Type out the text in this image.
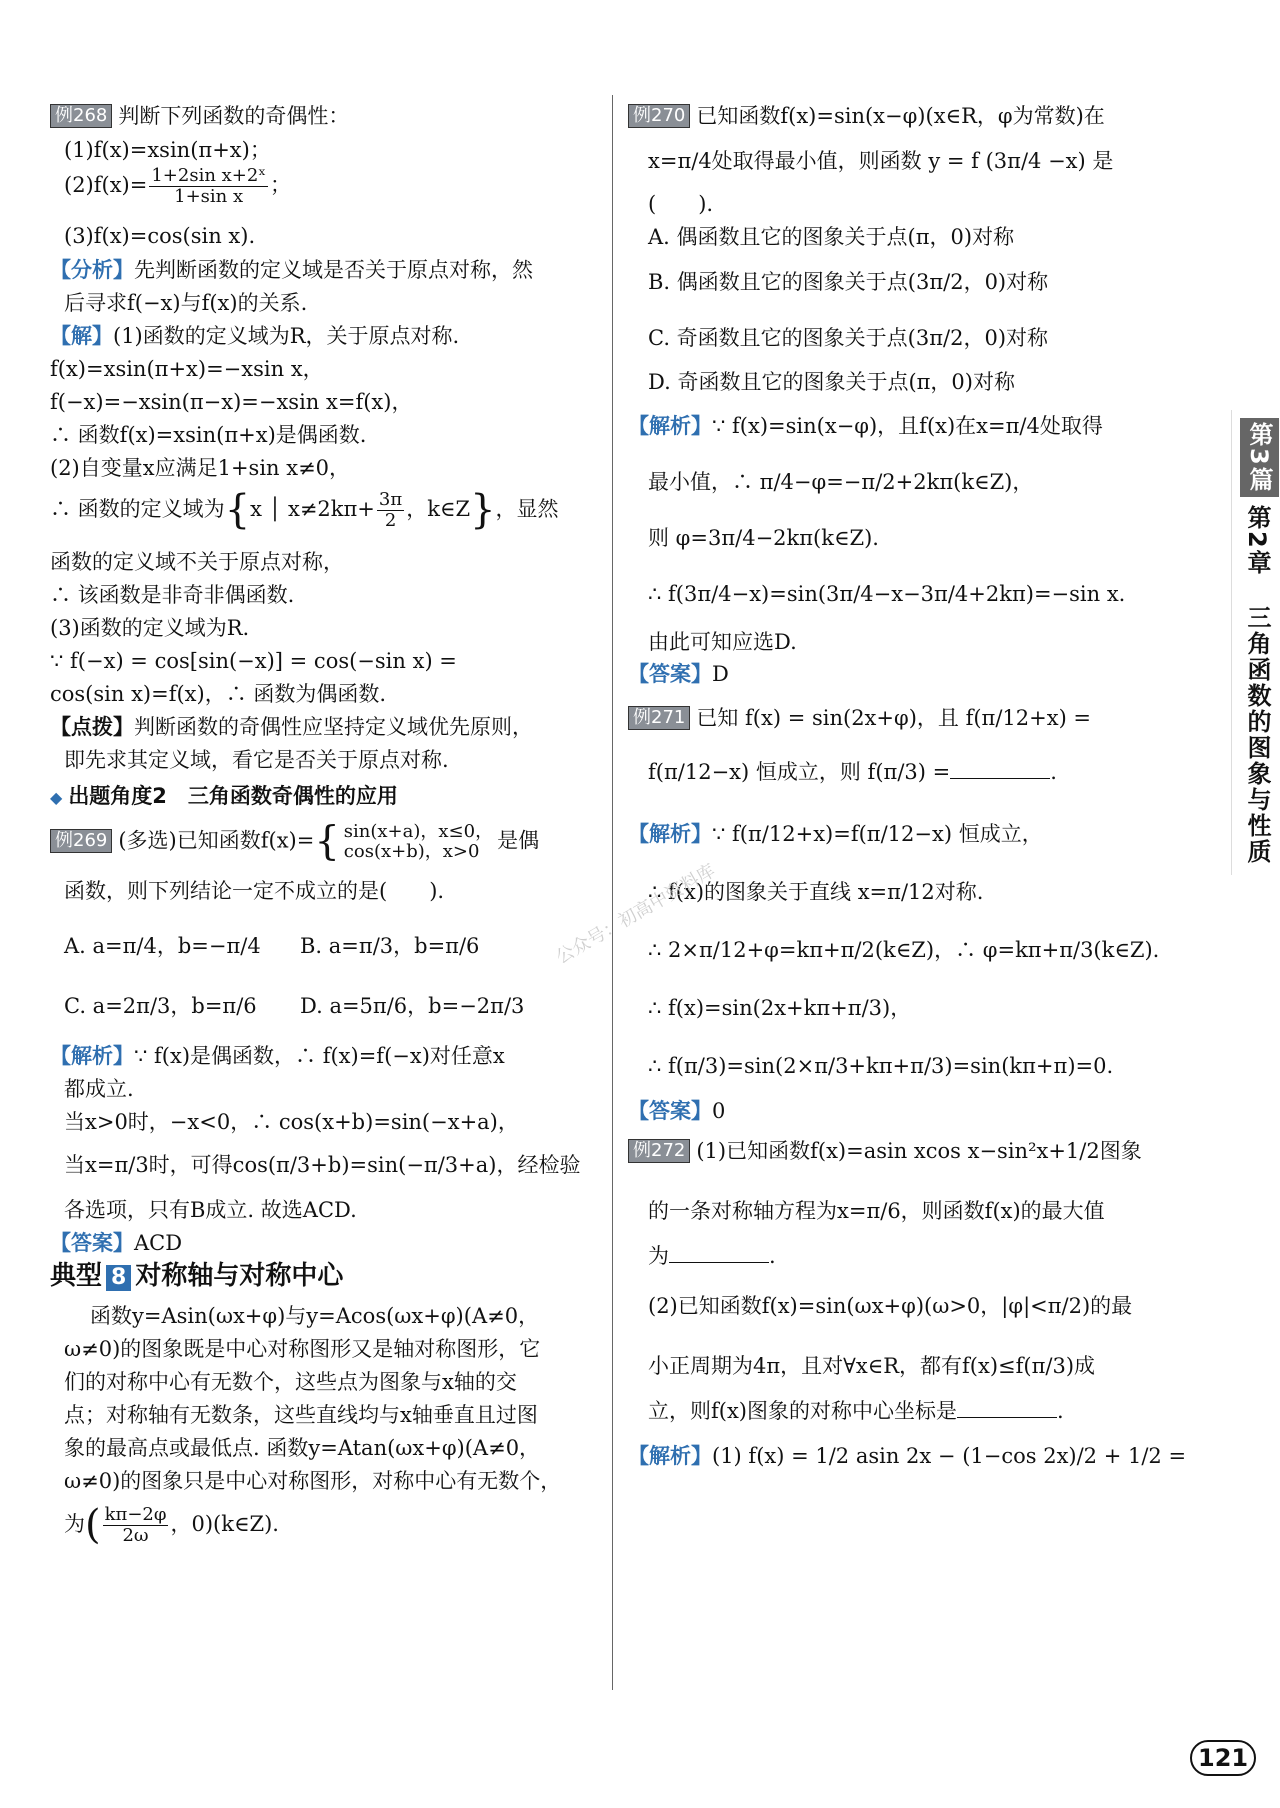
例268 判断下列函数的奇偶性：
(1)f(x)=xsin(π+x)；
$(2)f(x)= \frac{\text{1+2sin x+2ˣ}}{\text{1+sin x}}$ ；
(3)f(x)=cos(sin x).
【分析】先判断函数的定义域是否关于原点对称，然
后寻求f(−x)与f(x)的关系.
【解】(1)函数的定义域为R，关于原点对称.
f(x)=xsin(π+x)=−xsin x，
f(−x)=−xsin(π−x)=−xsin x=f(x)，
∴ 函数f(x)=xsin(π+x)是偶函数.
(2)自变量x应满足1+sin x≠0，
∴ 函数的定义域为{x │ $x\ne 2k\pi+ \frac{3\pi}{2}$ ，k∈Z}，显然
函数的定义域不关于原点对称，
∴ 该函数是非奇非偶函数.
(3)函数的定义域为R.
∵ f(−x) = cos[sin(−x)] = cos(−sin x) =
cos(sin x)=f(x)，∴ 函数为偶函数.
【点拨】判断函数的奇偶性应坚持定义域优先原则，
即先求其定义域，看它是否关于原点对称.
◆ 出题角度2　三角函数奇偶性的应用
例269 (多选)已知函数f(x)={ sin(x+a)，x≤0，
cos(x+b)，x>0 是偶
函数，则下列结论一定不成立的是(　　).
A. a=π/4，b=−π/4 B. a=π/3，b=π/6
C. a=2π/3，b=π/6 D. a=5π/6，b=−2π/3
【解析】∵ f(x)是偶函数，∴ f(x)=f(−x)对任意x
都成立.
当x>0时，−x<0，∴ cos(x+b)=sin(−x+a)，
当x=π/3时，可得cos(π/3+b)=sin(−π/3+a)，经检验
各选项，只有B成立. 故选ACD.
【答案】ACD
典型 8 对称轴与对称中心
函数y=Asin(ωx+φ)与y=Acos(ωx+φ)(A≠0，
ω≠0)的图象既是中心对称图形又是轴对称图形，它
们的对称中心有无数个，这些点为图象与x轴的交
点；对称轴有无数条，这些直线均与x轴垂直且过图
象的最高点或最低点. 函数y=Atan(ωx+φ)(A≠0，
ω≠0)的图象只是中心对称图形，对称中心有无数个，
为( $\frac{k\pi-2\varphi}{2\omega}$ ，0)(k∈Z).
例270 已知函数f(x)=sin(x−φ)(x∈R，φ为常数)在
x=π/4处取得最小值，则函数 y = f (3π/4 −x) 是
(　　).
A. 偶函数且它的图象关于点(π，0)对称
B. 偶函数且它的图象关于点(3π/2，0)对称
C. 奇函数且它的图象关于点(3π/2，0)对称
D. 奇函数且它的图象关于点(π，0)对称
【解析】∵ f(x)=sin(x−φ)，且f(x)在x=π/4处取得
最小值，∴ π/4−φ=−π/2+2kπ(k∈Z)，
则 φ=3π/4−2kπ(k∈Z).
∴ f(3π/4−x)=sin(3π/4−x−3π/4+2kπ)=−sin x.
由此可知应选D.
【答案】D
例271 已知 f(x) = sin(2x+φ)，且 f(π/12+x) =
f(π/12−x) 恒成立，则 f(π/3) =	.
【解析】∵ f(π/12+x)=f(π/12−x) 恒成立，
∴ f(x)的图象关于直线 x=π/12对称.
∴ 2×π/12+φ=kπ+π/2(k∈Z)，∴ φ=kπ+π/3(k∈Z).
∴ f(x)=sin(2x+kπ+π/3)，
∴ f(π/3)=sin(2×π/3+kπ+π/3)=sin(kπ+π)=0.
【答案】0
例272 (1)已知函数f(x)=asin xcos x−sin²x+1/2图象
的一条对称轴方程为x=π/6，则函数f(x)的最大值
为	.
(2)已知函数f(x)=sin(ωx+φ)(ω>0，|φ|<π/2)的最
小正周期为4π，且对∀x∈R，都有f(x)≤f(π/3)成
立，则f(x)图象的对称中心坐标是	.
【解析】(1) f(x) = 1/2 asin 2x − (1−cos 2x)/2 + 1/2 =
第3篇
第2章
三角函数的图象与性质
公众号：初高中资料库
121
